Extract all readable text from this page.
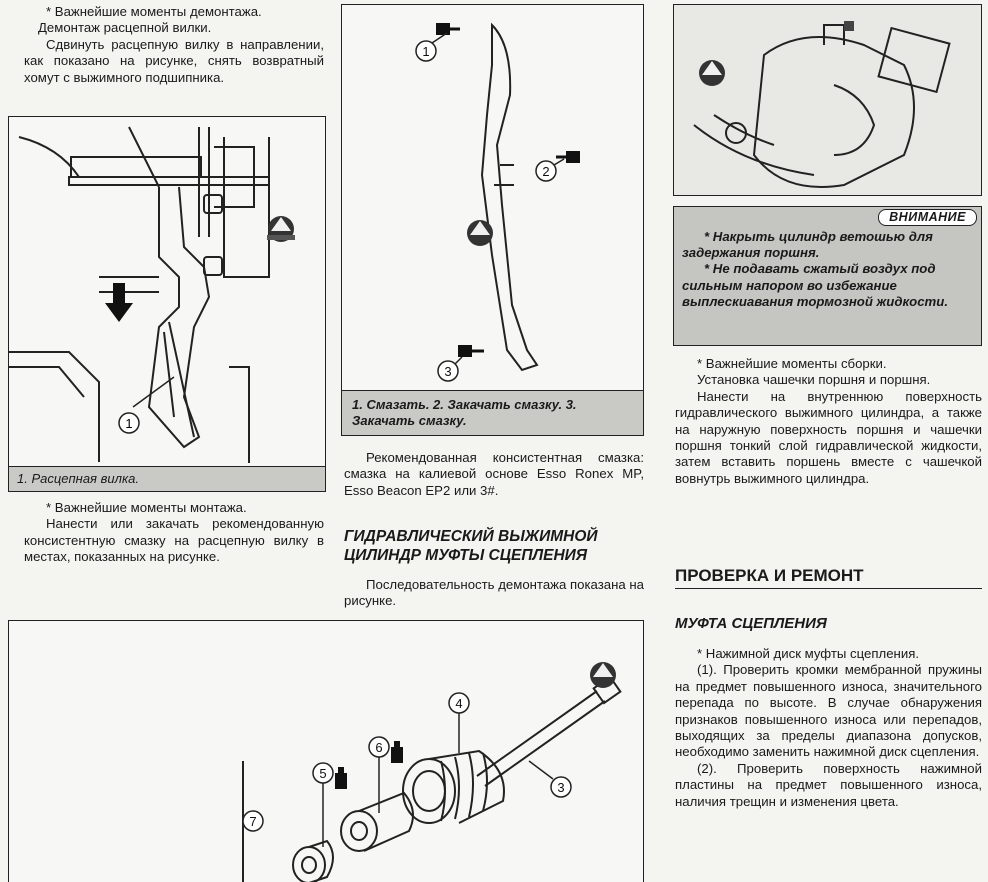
* Важнейшие моменты демонтажа.

Демонтаж расцепной вилки.

Сдвинуть расцепную вилку в направлении, как показано на рисунке, снять возвратный хомут с выжимного подшипника.

1
1. Расцепная вилка.

* Важнейшие моменты монтажа.

Нанести или закачать рекомендованную консистентную смазку на расцепную вилку в местах, показанных на рисунке.

1
2
3
1. Смазать. 2. Закачать смазку. 3. Закачать смазку.

Рекомендованная консистентная смазка: смазка на калиевой основе Esso Ronex MP, Esso Beacon EP2 или 3#.

ГИДРАВЛИЧЕСКИЙ ВЫЖИМНОЙ ЦИЛИНДР МУФТЫ СЦЕПЛЕНИЯ

Последовательность демонтажа показана на рисунке.

3
4
5
6
7
ВНИМАНИЕ
* Накрыть цилиндр ветошью для задержания поршня.
* Не подавать сжатый воздух под сильным напором во избежание выплескиавания тормозной жидкости.

* Важнейшие моменты сборки.

Установка чашечки поршня и поршня.

Нанести на внутреннюю поверхность гидравлического выжимного цилиндра, а также на наружную поверхность поршня и чашечки поршня тонкий слой гидравлической жидкости, затем вставить поршень вместе с чашечкой вовнутрь выжимного цилиндра.

ПРОВЕРКА И РЕМОНТ
МУФТА СЦЕПЛЕНИЯ

* Нажимной диск муфты сцепления.

(1). Проверить кромки мембранной пружины на предмет повышенного износа, значительного перепада по высоте. В случае обнаружения признаков повышенного износа или перепадов, выходящих за пределы диапазона допусков, необходимо заменить нажимной диск сцепления.

(2). Проверить поверхность нажимной пластины на предмет повышенного износа, наличия трещин и изменения цвета.
